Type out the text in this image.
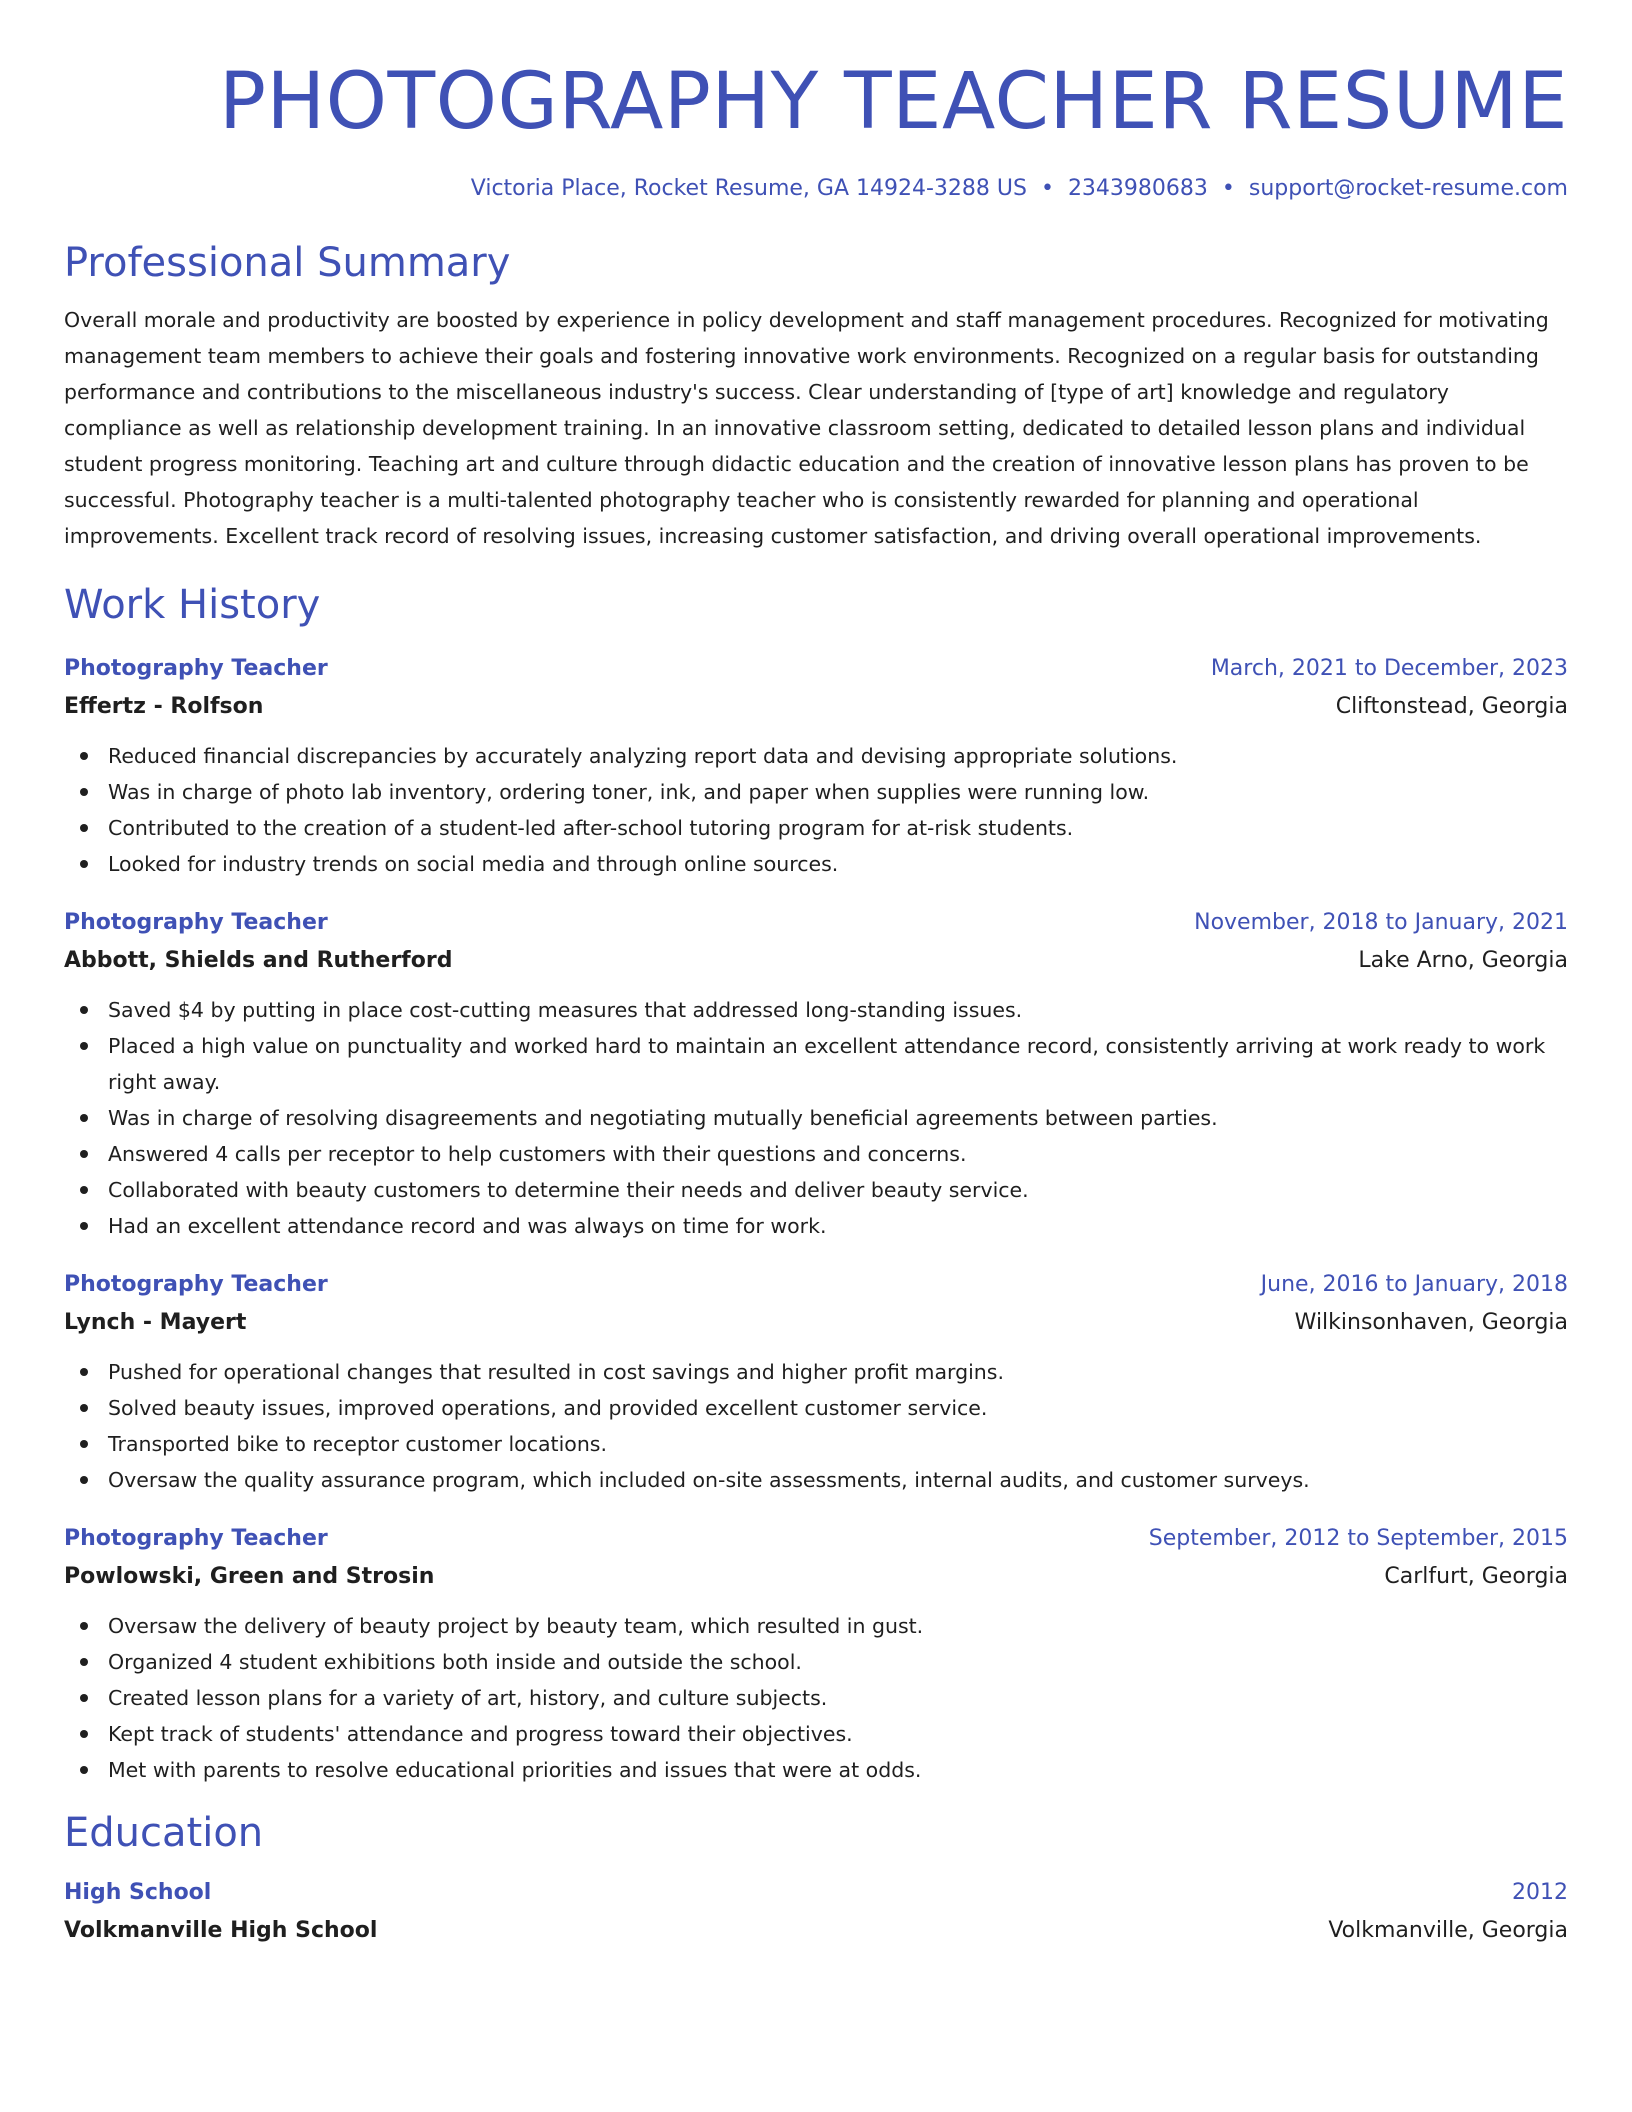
PHOTOGRAPHY TEACHER RESUME
Victoria Place, Rocket Resume, GA 14924-3288 US • 2343980683 • support@rocket-resume.com
Professional Summary
Overall morale and productivity are boosted by experience in policy development and staff management procedures. Recognized for motivating management team members to achieve their goals and fostering innovative work environments. Recognized on a regular basis for outstanding performance and contributions to the miscellaneous industry's success. Clear understanding of [type of art] knowledge and regulatory compliance as well as relationship development training. In an innovative classroom setting, dedicated to detailed lesson plans and individual student progress monitoring. Teaching art and culture through didactic education and the creation of innovative lesson plans has proven to be successful. Photography teacher is a multi-talented photography teacher who is consistently rewarded for planning and operational improvements. Excellent track record of resolving issues, increasing customer satisfaction, and driving overall operational improvements.
Work History
Photography Teacher	March, 2021 to December, 2023
Effertz - Rolfson	Cliftonstead, Georgia
Reduced financial discrepancies by accurately analyzing report data and devising appropriate solutions.
Was in charge of photo lab inventory, ordering toner, ink, and paper when supplies were running low.
Contributed to the creation of a student-led after-school tutoring program for at-risk students.
Looked for industry trends on social media and through online sources.
Photography Teacher	November, 2018 to January, 2021
Abbott, Shields and Rutherford	Lake Arno, Georgia
Saved $4 by putting in place cost-cutting measures that addressed long-standing issues.
Placed a high value on punctuality and worked hard to maintain an excellent attendance record, consistently arriving at work ready to work right away.
Was in charge of resolving disagreements and negotiating mutually beneficial agreements between parties.
Answered 4 calls per receptor to help customers with their questions and concerns.
Collaborated with beauty customers to determine their needs and deliver beauty service.
Had an excellent attendance record and was always on time for work.
Photography Teacher	June, 2016 to January, 2018
Lynch - Mayert	Wilkinsonhaven, Georgia
Pushed for operational changes that resulted in cost savings and higher profit margins.
Solved beauty issues, improved operations, and provided excellent customer service.
Transported bike to receptor customer locations.
Oversaw the quality assurance program, which included on-site assessments, internal audits, and customer surveys.
Photography Teacher	September, 2012 to September, 2015
Powlowski, Green and Strosin	Carlfurt, Georgia
Oversaw the delivery of beauty project by beauty team, which resulted in gust.
Organized 4 student exhibitions both inside and outside the school.
Created lesson plans for a variety of art, history, and culture subjects.
Kept track of students' attendance and progress toward their objectives.
Met with parents to resolve educational priorities and issues that were at odds.
Education
High School	2012
Volkmanville High School	Volkmanville, Georgia
